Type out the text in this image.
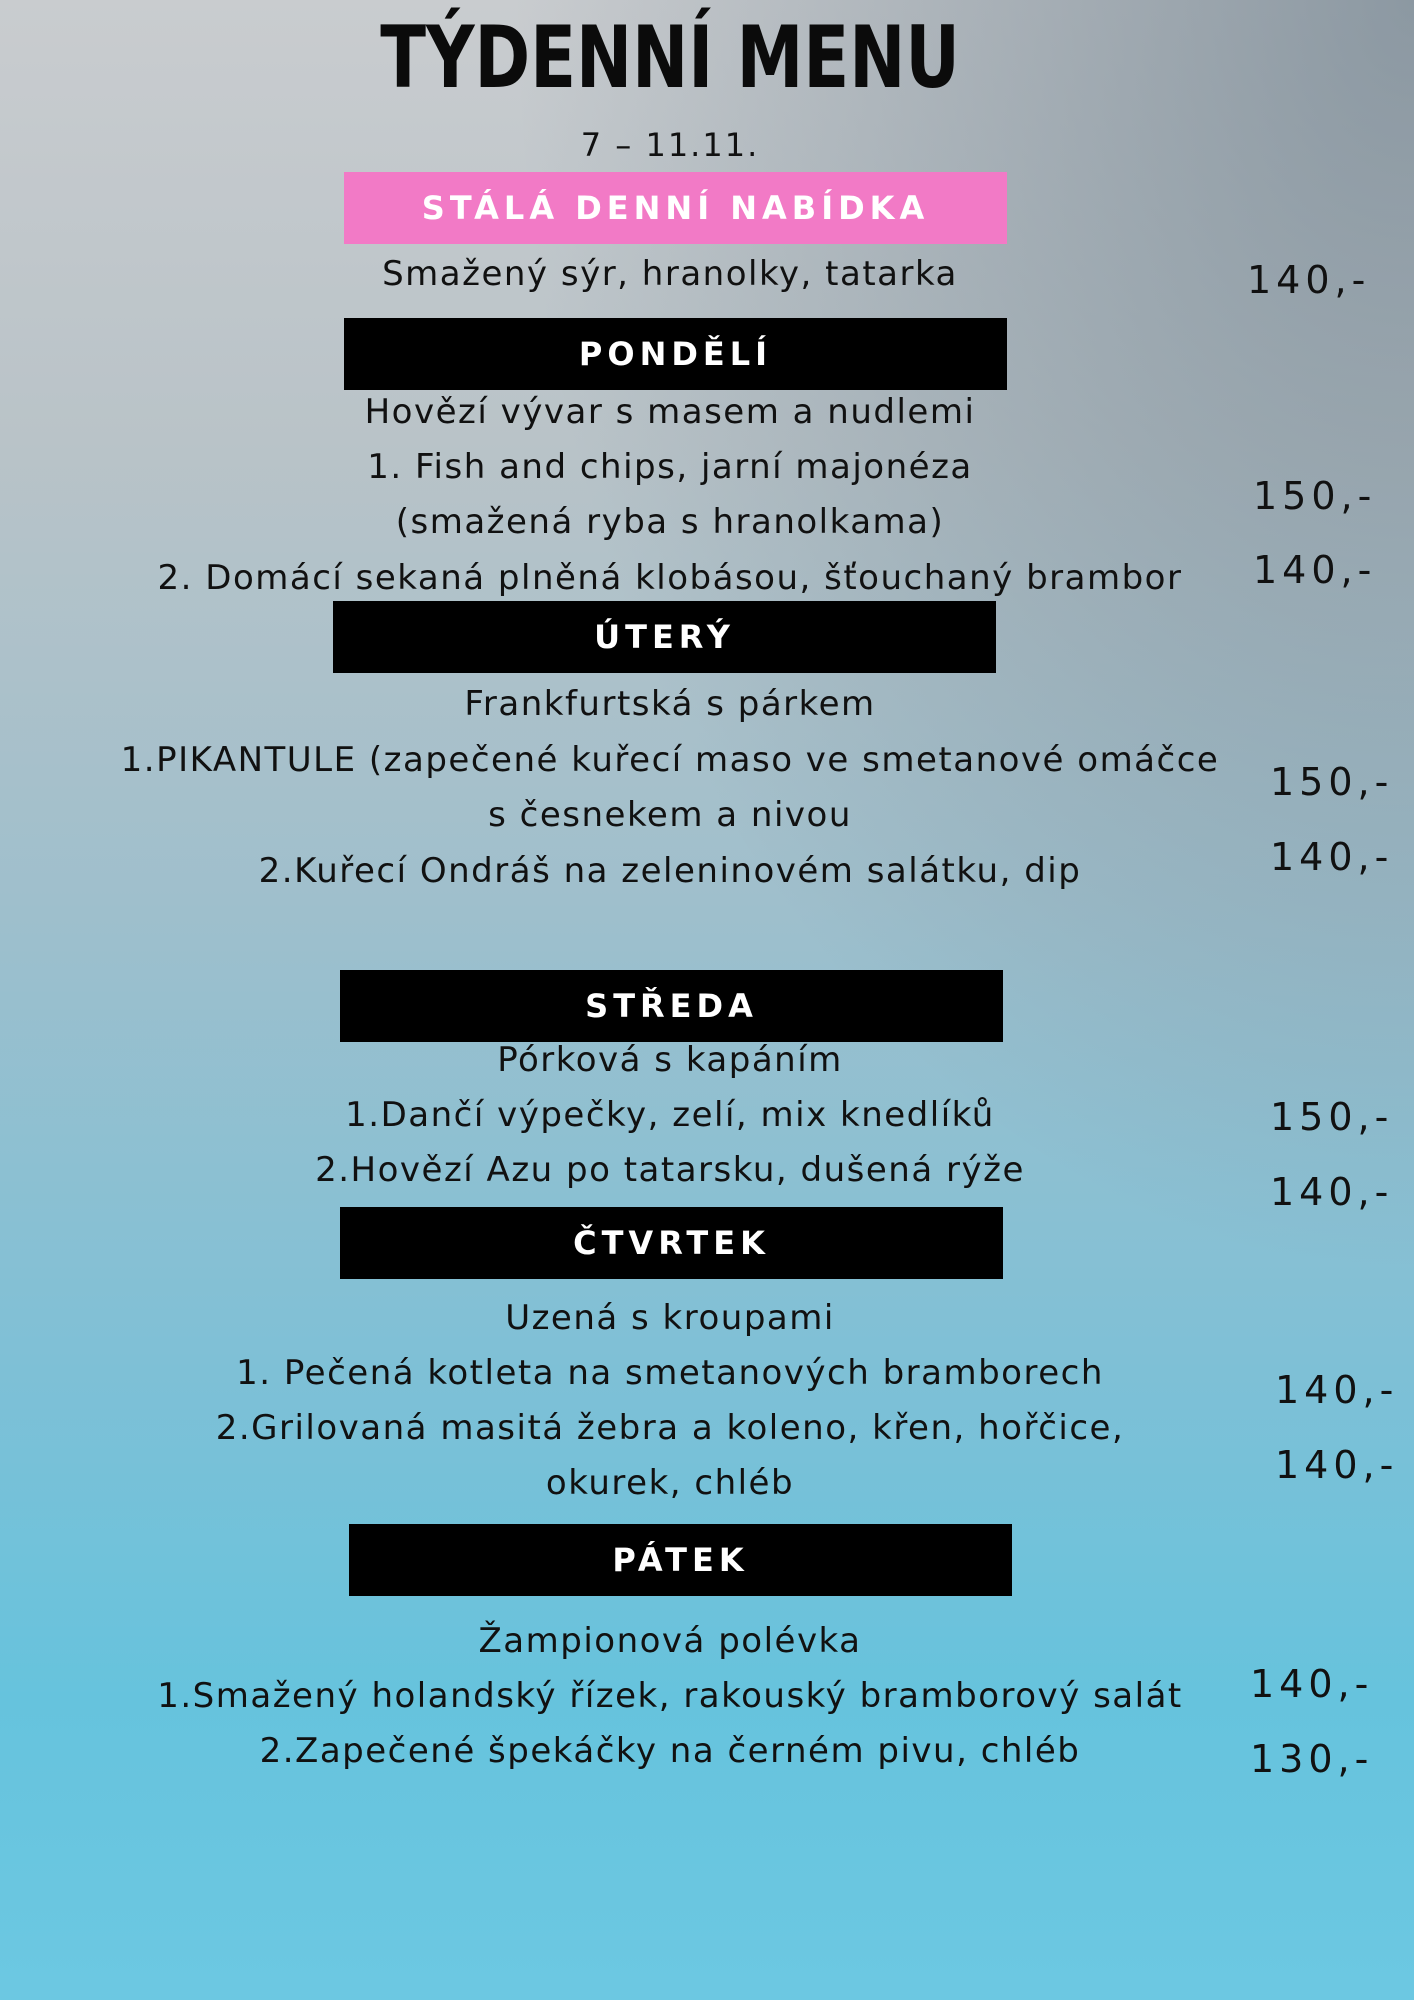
TÝDENNÍ MENU
7 – 11.11.
STÁLÁ DENNÍ NABÍDKA
Smažený sýr, hranolky, tatarka	140,-
PONDĚLÍ
Hovězí vývar s masem a nudlemi
1. Fish and chips, jarní majonéza
(smažená ryba s hranolkama)
2. Domácí sekaná plněná klobásou, šťouchaný brambor
150,-
140,-
ÚTERÝ
Frankfurtská s párkem
1.PIKANTULE (zapečené kuřecí maso ve smetanové omáčce
s česnekem a nivou
2.Kuřecí Ondráš na zeleninovém salátku, dip
150,-
140,-
STŘEDA
Pórková s kapáním
1.Dančí výpečky, zelí, mix knedlíků
2.Hovězí Azu po tatarsku, dušená rýže
150,-
140,-
ČTVRTEK
Uzená s kroupami
1. Pečená kotleta na smetanových bramborech
2.Grilovaná masitá žebra a koleno, křen, hořčice,
okurek, chléb
140,-
140,-
PÁTEK
Žampionová polévka
1.Smažený holandský řízek, rakouský bramborový salát
2.Zapečené špekáčky na černém pivu, chléb
140,-
130,-
